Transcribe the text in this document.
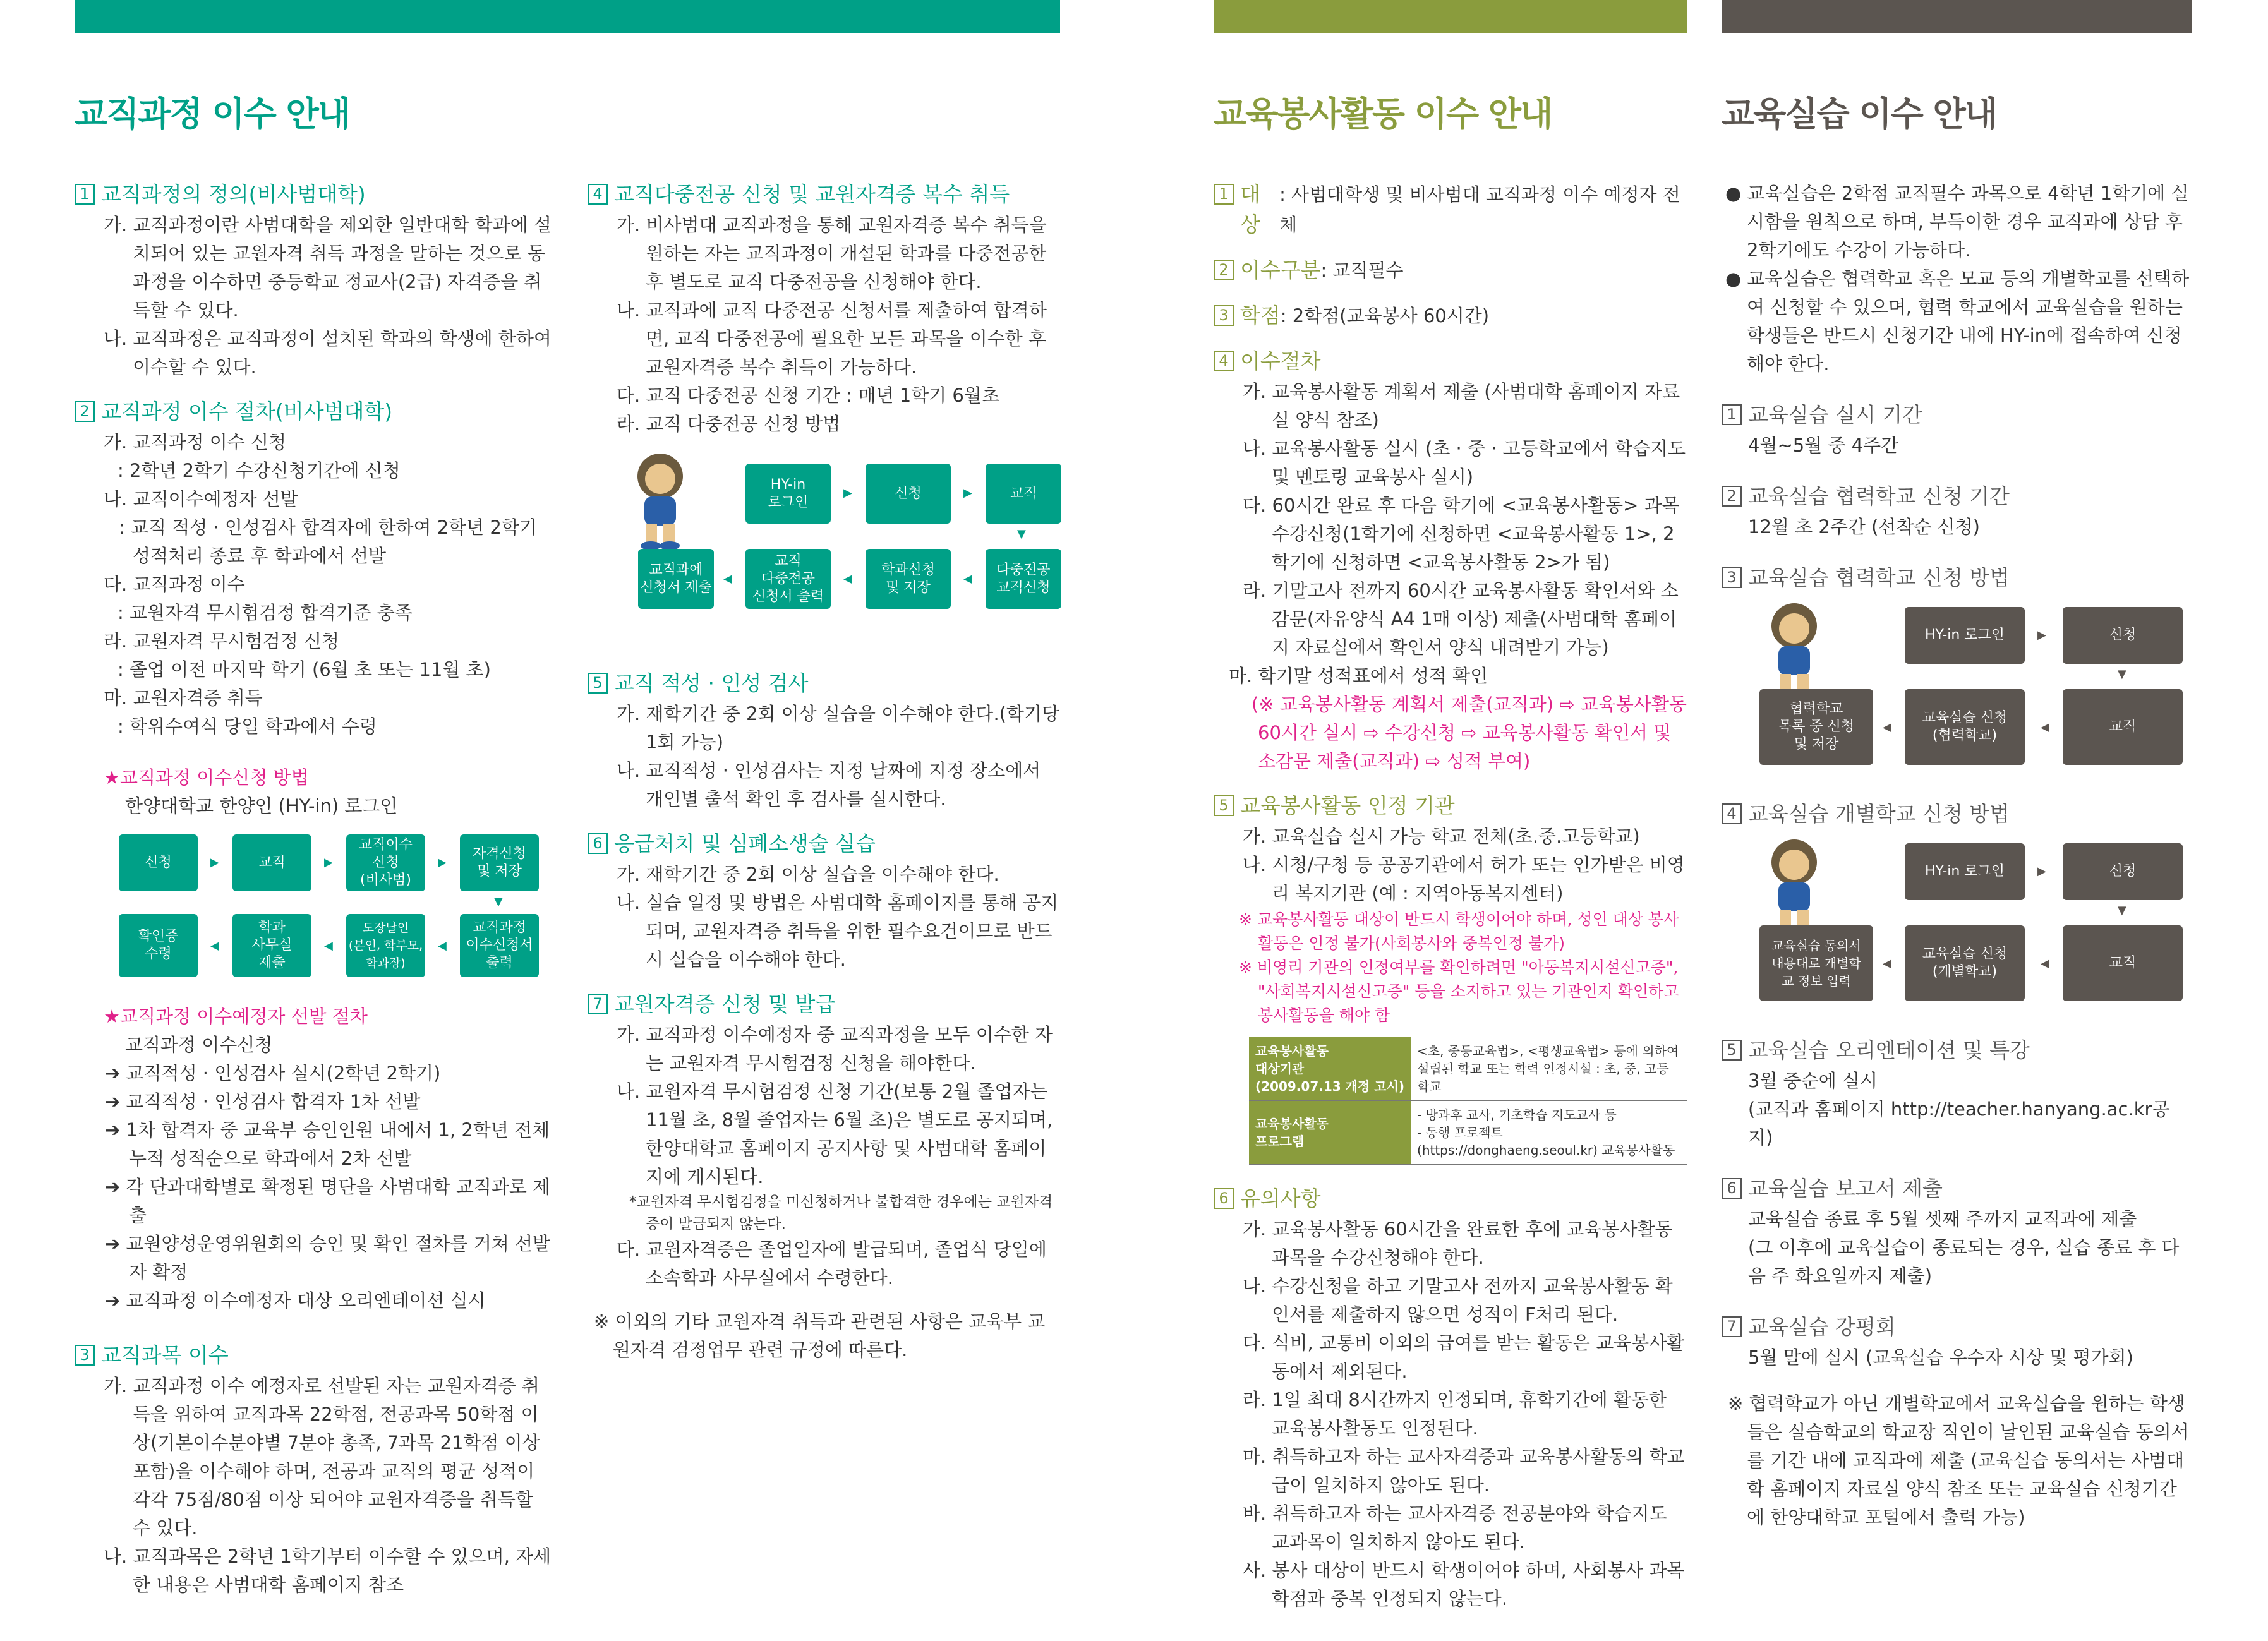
교직과정 이수 안내
1 교직과정의 정의(비사범대학)
가. 교직과정이란 사범대학을 제외한 일반대학 학과에 설치되어 있는 교원자격 취득 과정을 말하는 것으로 동 과정을 이수하면 중등학교 정교사(2급) 자격증을 취득할 수 있다.
나. 교직과정은 교직과정이 설치된 학과의 학생에 한하여 이수할 수 있다.
2 교직과정 이수 절차(비사범대학)
가. 교직과정 이수 신청
: 2학년 2학기 수강신청기간에 신청
나. 교직이수예정자 선발
: 교직 적성 · 인성검사 합격자에 한하여 2학년 2학기 성적처리 종료 후 학과에서 선발
다. 교직과정 이수
: 교원자격 무시험검정 합격기준 충족
라. 교원자격 무시험검정 신청
: 졸업 이전 마지막 학기 (6월 초 또는 11월 초)
마. 교원자격증 취득
: 학위수여식 당일 학과에서 수령
★교직과정 이수신청 방법
한양대학교 한양인 (HY-in) 로그인
신청	▶	교직	▶
교직이수
신청
(비사범)
▶
자격신청
및 저장
▼
교직과정
이수신청서
출력
◀
도장날인
(본인, 학부모,
학과장)
◀
학과
사무실
제출
◀
확인증
수령
★교직과정 이수예정자 선발 절차
교직과정 이수신청
➔ 교직적성 · 인성검사 실시(2학년 2학기)
➔ 교직적성 · 인성검사 합격자 1차 선발
➔ 1차 합격자 중 교육부 승인인원 내에서 1, 2학년 전체 누적 성적순으로 학과에서 2차 선발
➔ 각 단과대학별로 확정된 명단을 사범대학 교직과로 제출
➔ 교원양성운영위원회의 승인 및 확인 절차를 거쳐 선발자 확정
➔ 교직과정 이수예정자 대상 오리엔테이션 실시
3 교직과목 이수
가. 교직과정 이수 예정자로 선발된 자는 교원자격증 취득을 위하여 교직과목 22학점, 전공과목 50학점 이상(기본이수분야별 7분야 총족, 7과목 21학점 이상 포함)을 이수해야 하며, 전공과 교직의 평균 성적이 각각 75점/80점 이상 되어야 교원자격증을 취득할 수 있다.
나. 교직과목은 2학년 1학기부터 이수할 수 있으며, 자세한 내용은 사범대학 홈페이지 참조
4 교직다중전공 신청 및 교원자격증 복수 취득
가. 비사범대 교직과정을 통해 교원자격증 복수 취득을 원하는 자는 교직과정이 개설된 학과를 다중전공한 후 별도로 교직 다중전공을 신청해야 한다.
나. 교직과에 교직 다중전공 신청서를 제출하여 합격하면, 교직 다중전공에 필요한 모든 과목을 이수한 후 교원자격증 복수 취득이 가능하다.
다. 교직 다중전공 신청 기간 : 매년 1학기 6월초
라. 교직 다중전공 신청 방법
HY-in
로그인
▶	신청	▶	교직
▼
다중전공
교직신청
◀
학과신청
및 저장
◀
교직
다중전공
신청서 출력
◀
교직과에
신청서 제출
5 교직 적성 · 인성 검사
가. 재학기간 중 2회 이상 실습을 이수해야 한다.(학기당 1회 가능)
나. 교직적성 · 인성검사는 지정 날짜에 지정 장소에서 개인별 출석 확인 후 검사를 실시한다.
6 응급처치 및 심폐소생술 실습
가. 재학기간 중 2회 이상 실습을 이수해야 한다.
나. 실습 일정 및 방법은 사범대학 홈페이지를 통해 공지되며, 교원자격증 취득을 위한 필수요건이므로 반드시 실습을 이수해야 한다.
7 교원자격증 신청 및 발급
가. 교직과정 이수예정자 중 교직과정을 모두 이수한 자는 교원자격 무시험검정 신청을 해야한다.
나. 교원자격 무시험검정 신청 기간(보통 2월 졸업자는 11월 초, 8월 졸업자는 6월 초)은 별도로 공지되며, 한양대학교 홈페이지 공지사항 및 사범대학 홈페이지에 게시된다.
*교원자격 무시험검정을 미신청하거나 불합격한 경우에는 교원자격증이 발급되지 않는다.
다. 교원자격증은 졸업일자에 발급되며, 졸업식 당일에 소속학과 사무실에서 수령한다.
※ 이외의 기타 교원자격 취득과 관련된 사항은 교육부 교원자격 검정업무 관련 규정에 따른다.
교육봉사활동 이수 안내
1 대상
: 사범대학생 및 비사범대 교직과정 이수 예정자 전체
2 이수구분 : 교직필수
3 학점 : 2학점(교육봉사 60시간)
4 이수절차
가. 교육봉사활동 계획서 제출 (사범대학 홈페이지 자료실 양식 참조)
나. 교육봉사활동 실시 (초 · 중 · 고등학교에서 학습지도 및 멘토링 교육봉사 실시)
다. 60시간 완료 후 다음 학기에 <교육봉사활동> 과목 수강신청(1학기에 신청하면 <교육봉사활동 1>, 2학기에 신청하면 <교육봉사활동 2>가 됨)
라. 기말고사 전까지 60시간 교육봉사활동 확인서와 소감문(자유양식 A4 1매 이상) 제출(사범대학 홈페이지 자료실에서 확인서 양식 내려받기 가능)
마. 학기말 성적표에서 성적 확인
(※ 교육봉사활동 계획서 제출(교직과) ⇨ 교육봉사활동 60시간 실시 ⇨ 수강신청 ⇨ 교육봉사활동 확인서 및 소감문 제출(교직과) ⇨ 성적 부여)
5 교육봉사활동 인정 기관
가. 교육실습 실시 가능 학교 전체(초.중.고등학교)
나. 시청/구청 등 공공기관에서 허가 또는 인가받은 비영리 복지기관 (예 : 지역아동복지센터)
※ 교육봉사활동 대상이 반드시 학생이어야 하며, 성인 대상 봉사활동은 인정 불가(사회봉사와 중복인정 불가)
※ 비영리 기관의 인정여부를 확인하려면 "아동복지시설신고증", "사회복지시설신고증" 등을 소지하고 있는 기관인지 확인하고 봉사활동을 해야 함
교육봉사활동
대상기관
(2009.07.13 개정 고시)	<초, 중등교육법>, <평생교육법> 등에 의하여 설립된 학교 또는 학력 인정시설 : 초, 중, 고등학교
교육봉사활동
프로그램	- 방과후 교사, 기초학습 지도교사 등
- 동행 프로젝트(https://donghaeng.seoul.kr) 교육봉사활동
6 유의사항
가. 교육봉사활동 60시간을 완료한 후에 교육봉사활동 과목을 수강신청해야 한다.
나. 수강신청을 하고 기말고사 전까지 교육봉사활동 확인서를 제출하지 않으면 성적이 F처리 된다.
다. 식비, 교통비 이외의 급여를 받는 활동은 교육봉사활동에서 제외된다.
라. 1일 최대 8시간까지 인정되며, 휴학기간에 활동한 교육봉사활동도 인정된다.
마. 취득하고자 하는 교사자격증과 교육봉사활동의 학교급이 일치하지 않아도 된다.
바. 취득하고자 하는 교사자격증 전공분야와 학습지도 교과목이 일치하지 않아도 된다.
사. 봉사 대상이 반드시 학생이어야 하며, 사회봉사 과목 학점과 중복 인정되지 않는다.
교육실습 이수 안내
● 교육실습은 2학점 교직필수 과목으로 4학년 1학기에 실시함을 원칙으로 하며, 부득이한 경우 교직과에 상담 후 2학기에도 수강이 가능하다.
● 교육실습은 협력학교 혹은 모교 등의 개별학교를 선택하여 신청할 수 있으며, 협력 학교에서 교육실습을 원하는 학생들은 반드시 신청기간 내에 HY-in에 접속하여 신청해야 한다.
1 교육실습 실시 기간
4월~5월 중 4주간
2 교육실습 협력학교 신청 기간
12월 초 2주간 (선착순 신청)
3 교육실습 협력학교 신청 방법
HY-in 로그인	▶	신청
▼
교직
◀
교육실습 신청
(협력학교)
◀
협력학교
목록 중 신청
및 저장
4 교육실습 개별학교 신청 방법
HY-in 로그인	▶	신청
▼
교직
◀
교육실습 신청
(개별학교)
◀
교육실습 동의서
내용대로 개별학
교 정보 입력
5 교육실습 오리엔테이션 및 특강
3월 중순에 실시
(교직과 홈페이지 http://teacher.hanyang.ac.kr공지)
6 교육실습 보고서 제출
교육실습 종료 후 5월 셋째 주까지 교직과에 제출
(그 이후에 교육실습이 종료되는 경우, 실습 종료 후 다음 주 화요일까지 제출)
7 교육실습 강평회
5월 말에 실시 (교육실습 우수자 시상 및 평가회)
※ 협력학교가 아닌 개별학교에서 교육실습을 원하는 학생들은 실습학교의 학교장 직인이 날인된 교육실습 동의서를 기간 내에 교직과에 제출 (교육실습 동의서는 사범대학 홈페이지 자료실 양식 참조 또는 교육실습 신청기간에 한양대학교 포털에서 출력 가능)
